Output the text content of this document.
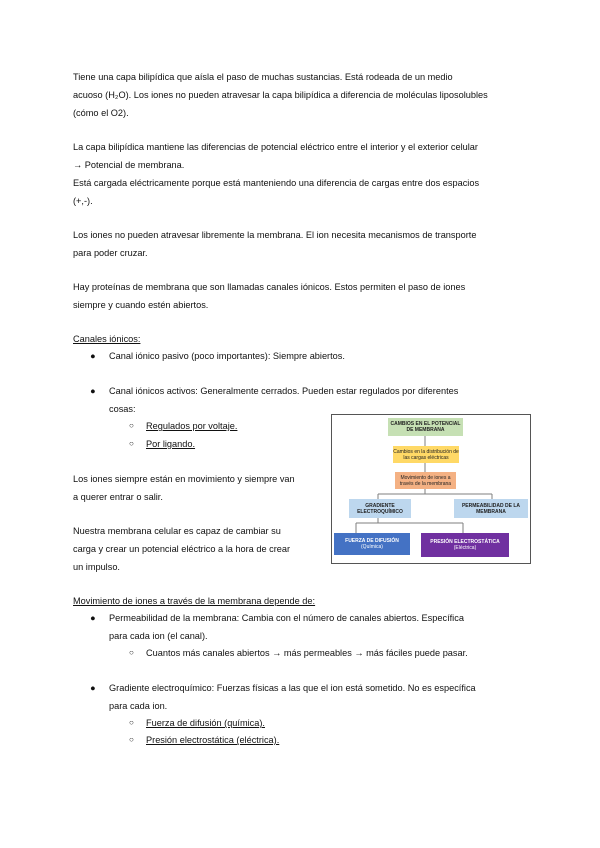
Tiene una capa bilipídica que aísla el paso de muchas sustancias. Está rodeada de un medio
acuoso (H₂O). Los iones no pueden atravesar la capa bilipídica a diferencia de moléculas liposolubles
(cómo el O2).
La capa bilipídica mantiene las diferencias de potencial eléctrico entre el interior y el exterior celular
→ Potencial de membrana.
Está cargada eléctricamente porque está manteniendo una diferencia de cargas entre dos espacios
(+,-).
Los iones no pueden atravesar libremente la membrana. El ion necesita mecanismos de transporte
para poder cruzar.
Hay proteínas de membrana que son llamadas canales iónicos. Estos permiten el paso de iones
siempre y cuando estén abiertos.
Canales iónicos:
● Canal iónico pasivo (poco importantes): Siempre abiertos.
● Canal iónicos activos: Generalmente cerrados. Pueden estar regulados por diferentes
cosas:
○ Regulados por voltaje.
○ Por ligando.
Los iones siempre están en movimiento y siempre van
a querer entrar o salir.
Nuestra membrana celular es capaz de cambiar su
carga y crear un potencial eléctrico a la hora de crear
un impulso.
CAMBIOS EN EL POTENCIAL DE MEMBRANA
Cambios en la distribución de las cargas eléctricas
Movimiento de iones a través de la membrana
GRADIENTE ELECTROQUÍMICO
PERMEABILIDAD DE LA MEMBRANA
FUERZA DE DIFUSIÓN
(Química)
PRESIÓN ELECTROSTÁTICA
(Eléctrica)
Movimiento de iones a través de la membrana depende de:
● Permeabilidad de la membrana: Cambia con el número de canales abiertos. Específica
para cada ion (el canal).
○ Cuantos más canales abiertos → más permeables → más fáciles puede pasar.
● Gradiente electroquímico: Fuerzas físicas a las que el ion está sometido. No es específica
para cada ion.
○ Fuerza de difusión (química).
○ Presión electrostática (eléctrica).
